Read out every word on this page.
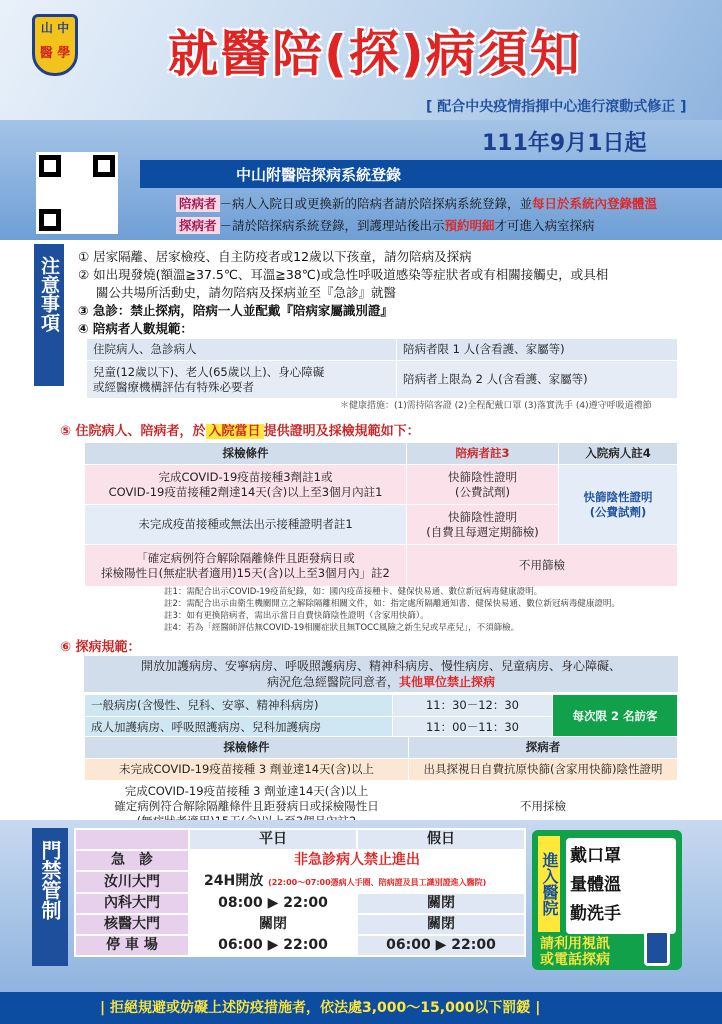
山 中
醫 學 就醫陪(探)病須知
[ 配合中央疫情指揮中心進行滾動式修正 ]
111年9月1日起
中山附醫陪探病系統登錄
陪病者 －病人入院日或更換新的陪病者請於陪探病系統登錄，並每日於系統內登錄體溫
探病者 －請於陪探病系統登錄，到護理站後出示預約明細才可進入病室探病
注意事項	① 居家隔離、居家檢疫、自主防疫者或12歲以下孩童，請勿陪病及探病
② 如出現發燒(額溫≧37.5℃、耳溫≧38℃)或急性呼吸道感染等症狀者或有相關接觸史，或具相
關公共場所活動史，請勿陪病及探病並至『急診』就醫
③ 急診：禁止探病，陪病一人並配戴『陪病家屬識別證』
④ 陪病者人數規範：
住院病人、急診病人	陪病者限 1 人(含看護、家屬等)
兒童(12歲以下)、老人(65歲以上)、身心障礙
或經醫療機構評估有特殊必要者	陪病者上限為 2 人(含看護、家屬等)
＊健康措施：(1)需持陪客證 (2)全程配戴口罩 (3)落實洗手 (4)遵守呼吸道禮節
⑤ 住院病人、陪病者，於 入院當日 提供證明及採檢規範如下：
採檢條件	陪病者註3	入院病人註4
完成COVID-19疫苗接種3劑註1或
COVID-19疫苗接種2劑達14天(含)以上至3個月內註1	快篩陰性證明
(公費試劑)	快篩陰性證明
(公費試劑)
未完成疫苗接種或無法出示接種證明者註1	快篩陰性證明
(自費且每週定期篩檢)	
「確定病例符合解除隔離條件且距發病日或
採檢陽性日(無症狀者適用)15天(含)以上至3個月內」註2	不用篩檢	
註1：需配合出示COVID-19疫苗紀錄，如：國內疫苗接種卡、健保快易通、數位新冠病毒健康證明。
註2：需配合出示由衛生機關開立之解除隔離相關文件，如：指定處所隔離通知書、健保快易通、數位新冠病毒健康證明。
註3：如有更換陪病者，需出示當日自費快篩陰性證明（含家用快篩）。
註4：若為「經醫師評估無COVID-19相關症狀且無TOCC風險之新生兒或早產兒」，不須篩檢。
⑥ 探病規範：
開放加護病房、安寧病房、呼吸照護病房、精神科病房、慢性病房、兒童病房、身心障礙、
病況危急經醫院同意者，其他單位禁止探病
一般病房(含慢性、兒科、安寧、精神科病房)	11：30－12：30	每次限 2 名訪客
成人加護病房、呼吸照護病房、兒科加護病房	11：00－11：30	
採檢條件	探病者
未完成COVID-19疫苗接種 3 劑並達14天(含)以上	出具探視日自費抗原快篩(含家用快篩)陰性證明
完成COVID-19疫苗接種 3 劑並達14天(含)以上
確定病例符合解除隔離條件且距發病日或採檢陽性日	不用採檢
門禁管制
	平日	假日
急　診	非急診病人禁止進出	
汝川大門	24H開放 (22:00～07:00憑病人手圈、陪病證及員工識別證進入醫院)	
內科大門	08:00 ▶ 22:00	關閉
核醫大門	關閉	關閉
停 車 場	06:00 ▶ 22:00	06:00 ▶ 22:00
進入醫院 戴口罩
量體溫
勤洗手
請利用視訊
或電話探病
| 拒絕規避或妨礙上述防疫措施者，依法處3,000～15,000以下罰鍰 |
